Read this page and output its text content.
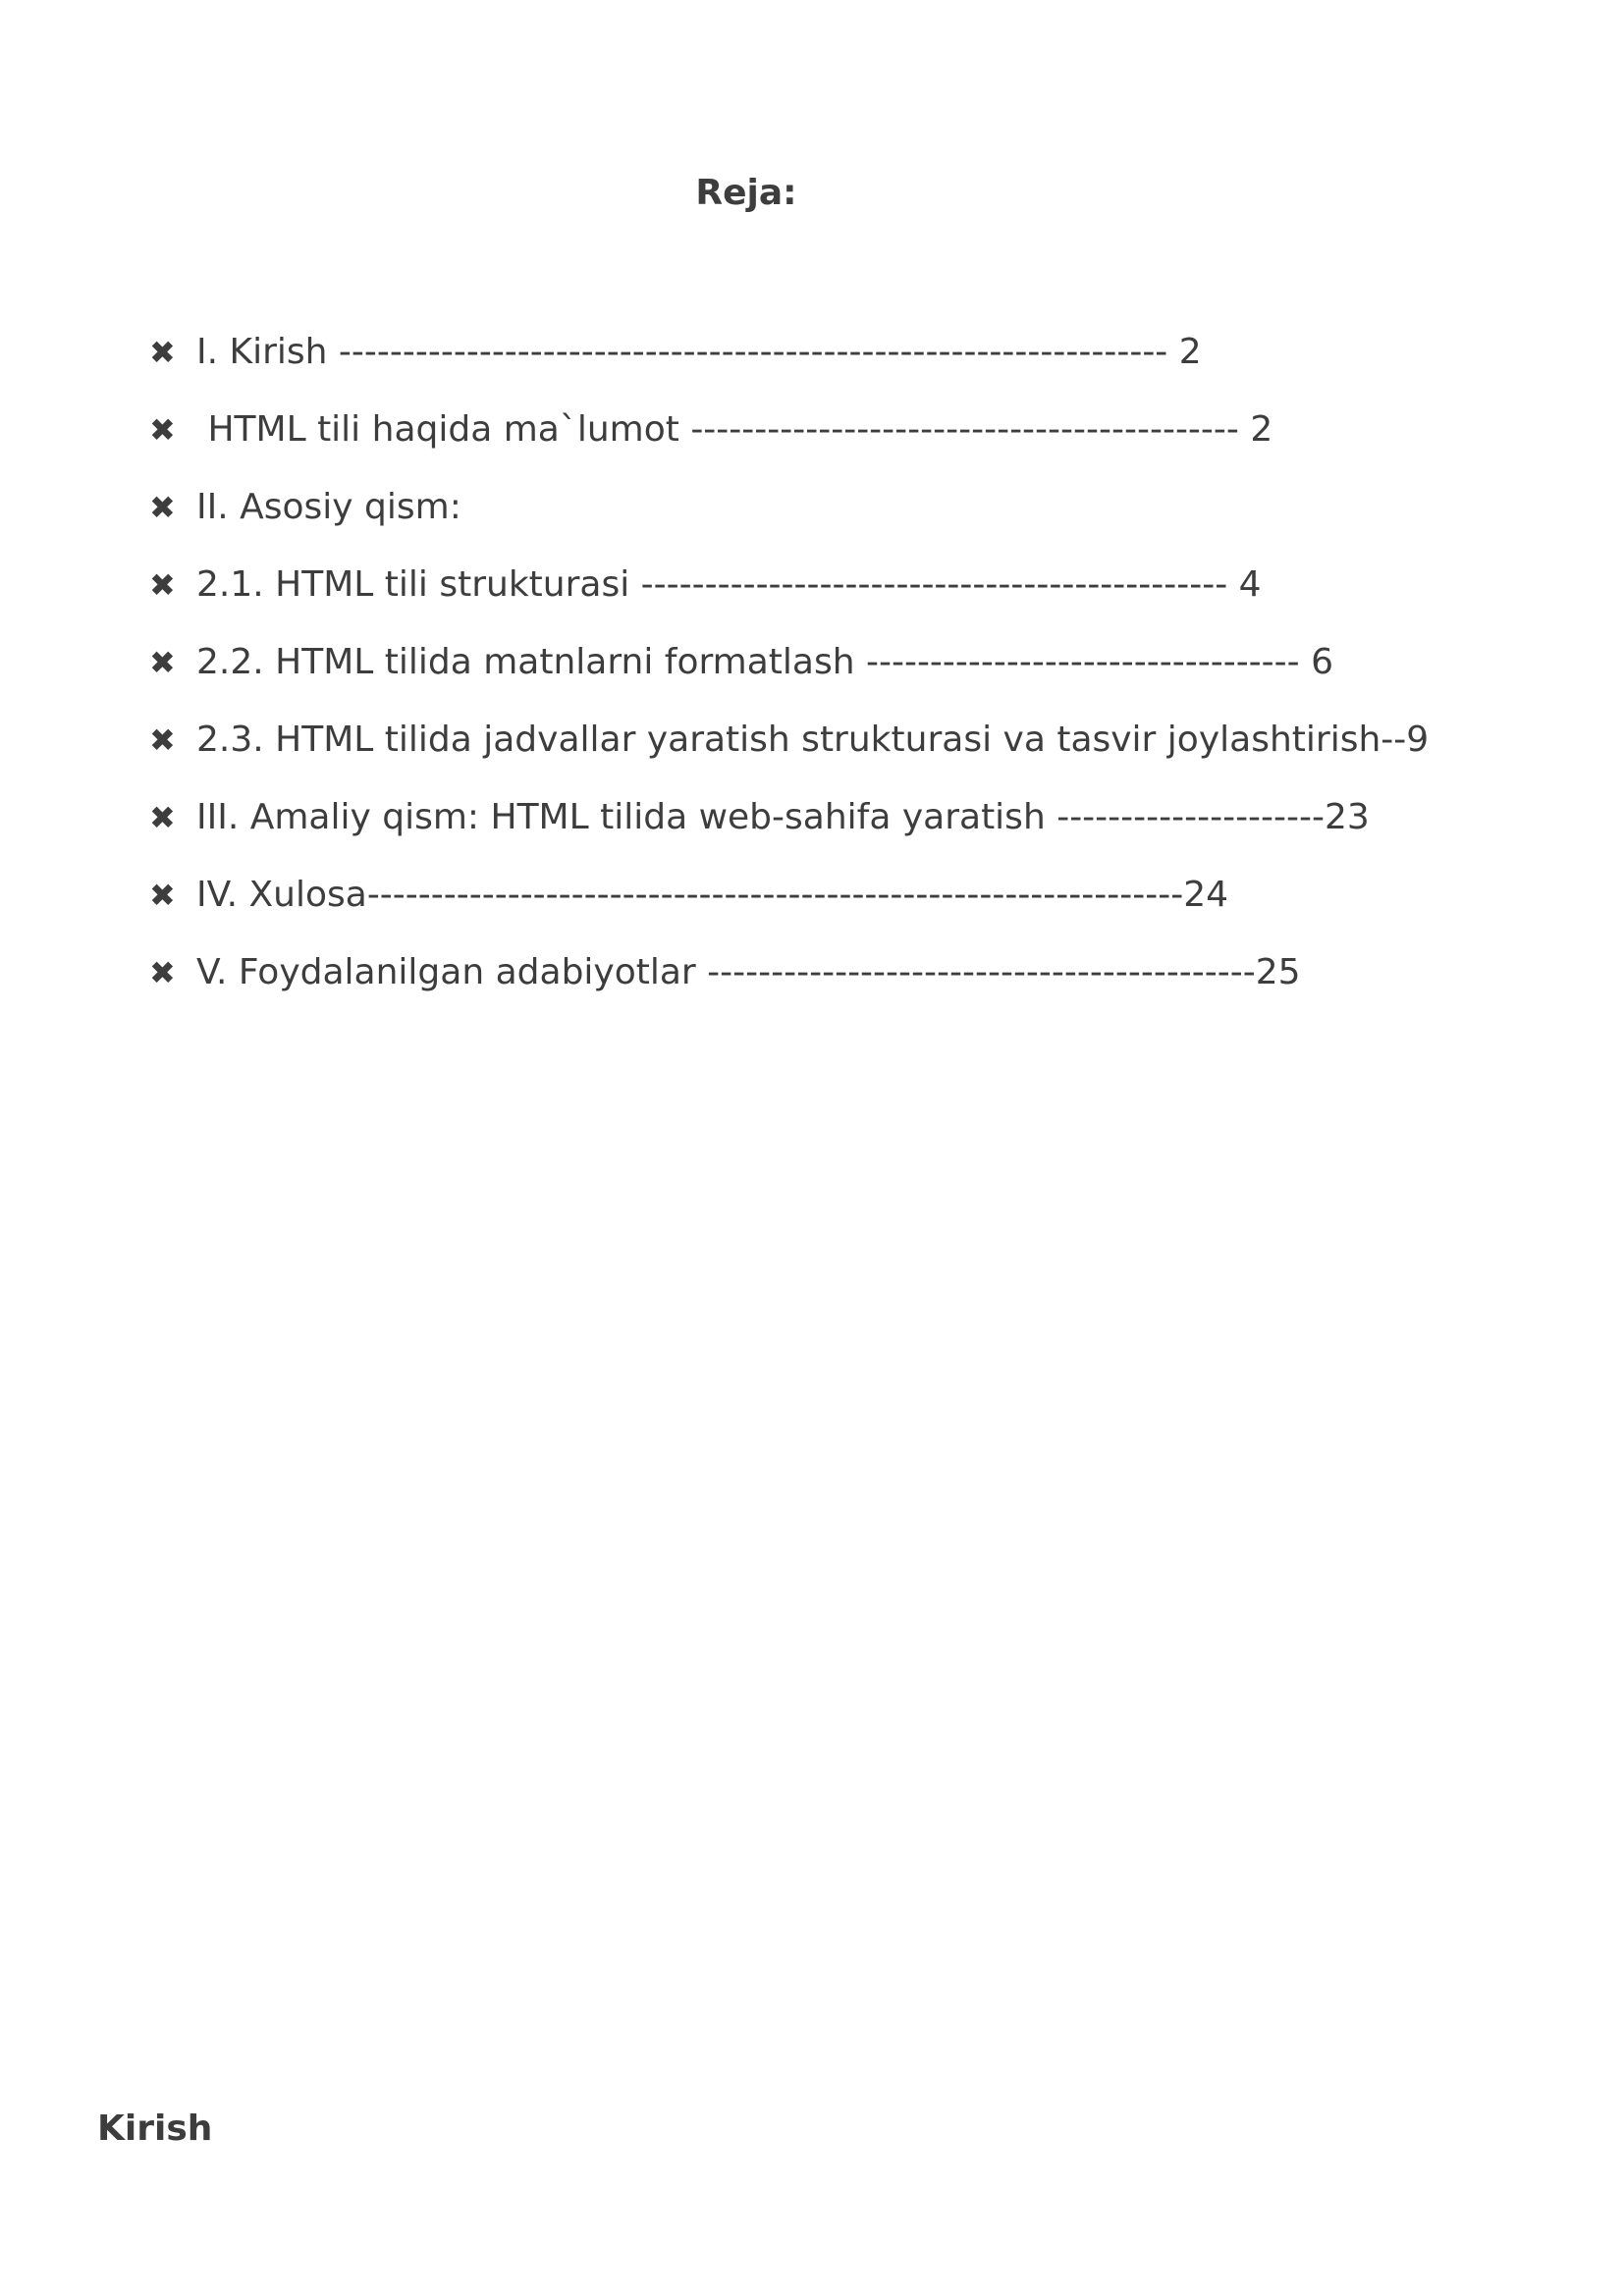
Reja:
✖ I. Kirish ----------------------------------------------------------------- 2
✖ HTML tili haqida ma`lumot ------------------------------------------- 2
✖ II. Asosiy qism:
✖ 2.1. HTML tili strukturasi ---------------------------------------------- 4
✖ 2.2. HTML tilida matnlarni formatlash ---------------------------------- 6
✖ 2.3. HTML tilida jadvallar yaratish strukturasi va tasvir joylashtirish--9
✖ III. Amaliy qism: HTML tilida web-sahifa yaratish ---------------------23
✖ IV. Xulosa----------------------------------------------------------------24
✖ V. Foydalanilgan adabiyotlar -------------------------------------------25
Kirish
